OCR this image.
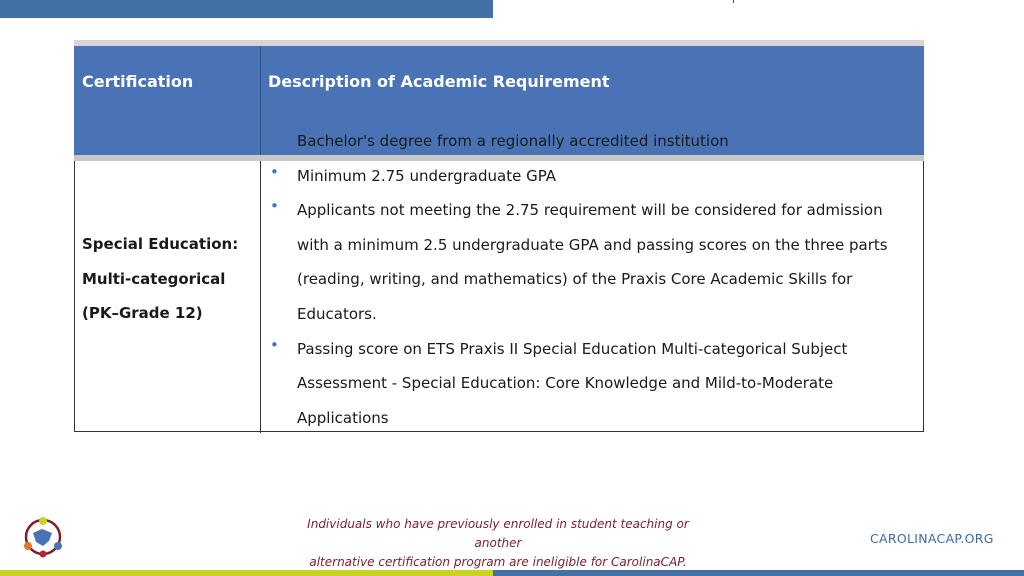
Certification	Description of Academic Requirement
Special Education:
Multi-categorical
(PK–Grade 12)
• Bachelor's degree from a regionally accredited institution
• Minimum 2.75 undergraduate GPA
• Applicants not meeting the 2.75 requirement will be considered for admission with a minimum 2.5 undergraduate GPA and passing scores on the three parts (reading, writing, and mathematics) of the Praxis Core Academic Skills for Educators.
• Passing score on ETS Praxis II Special Education Multi-categorical Subject Assessment - Special Education: Core Knowledge and Mild-to-Moderate Applications
Individuals who have previously enrolled in student teaching or another
alternative certification program are ineligible for CarolinaCAP.
CAROLINACAP.ORG
